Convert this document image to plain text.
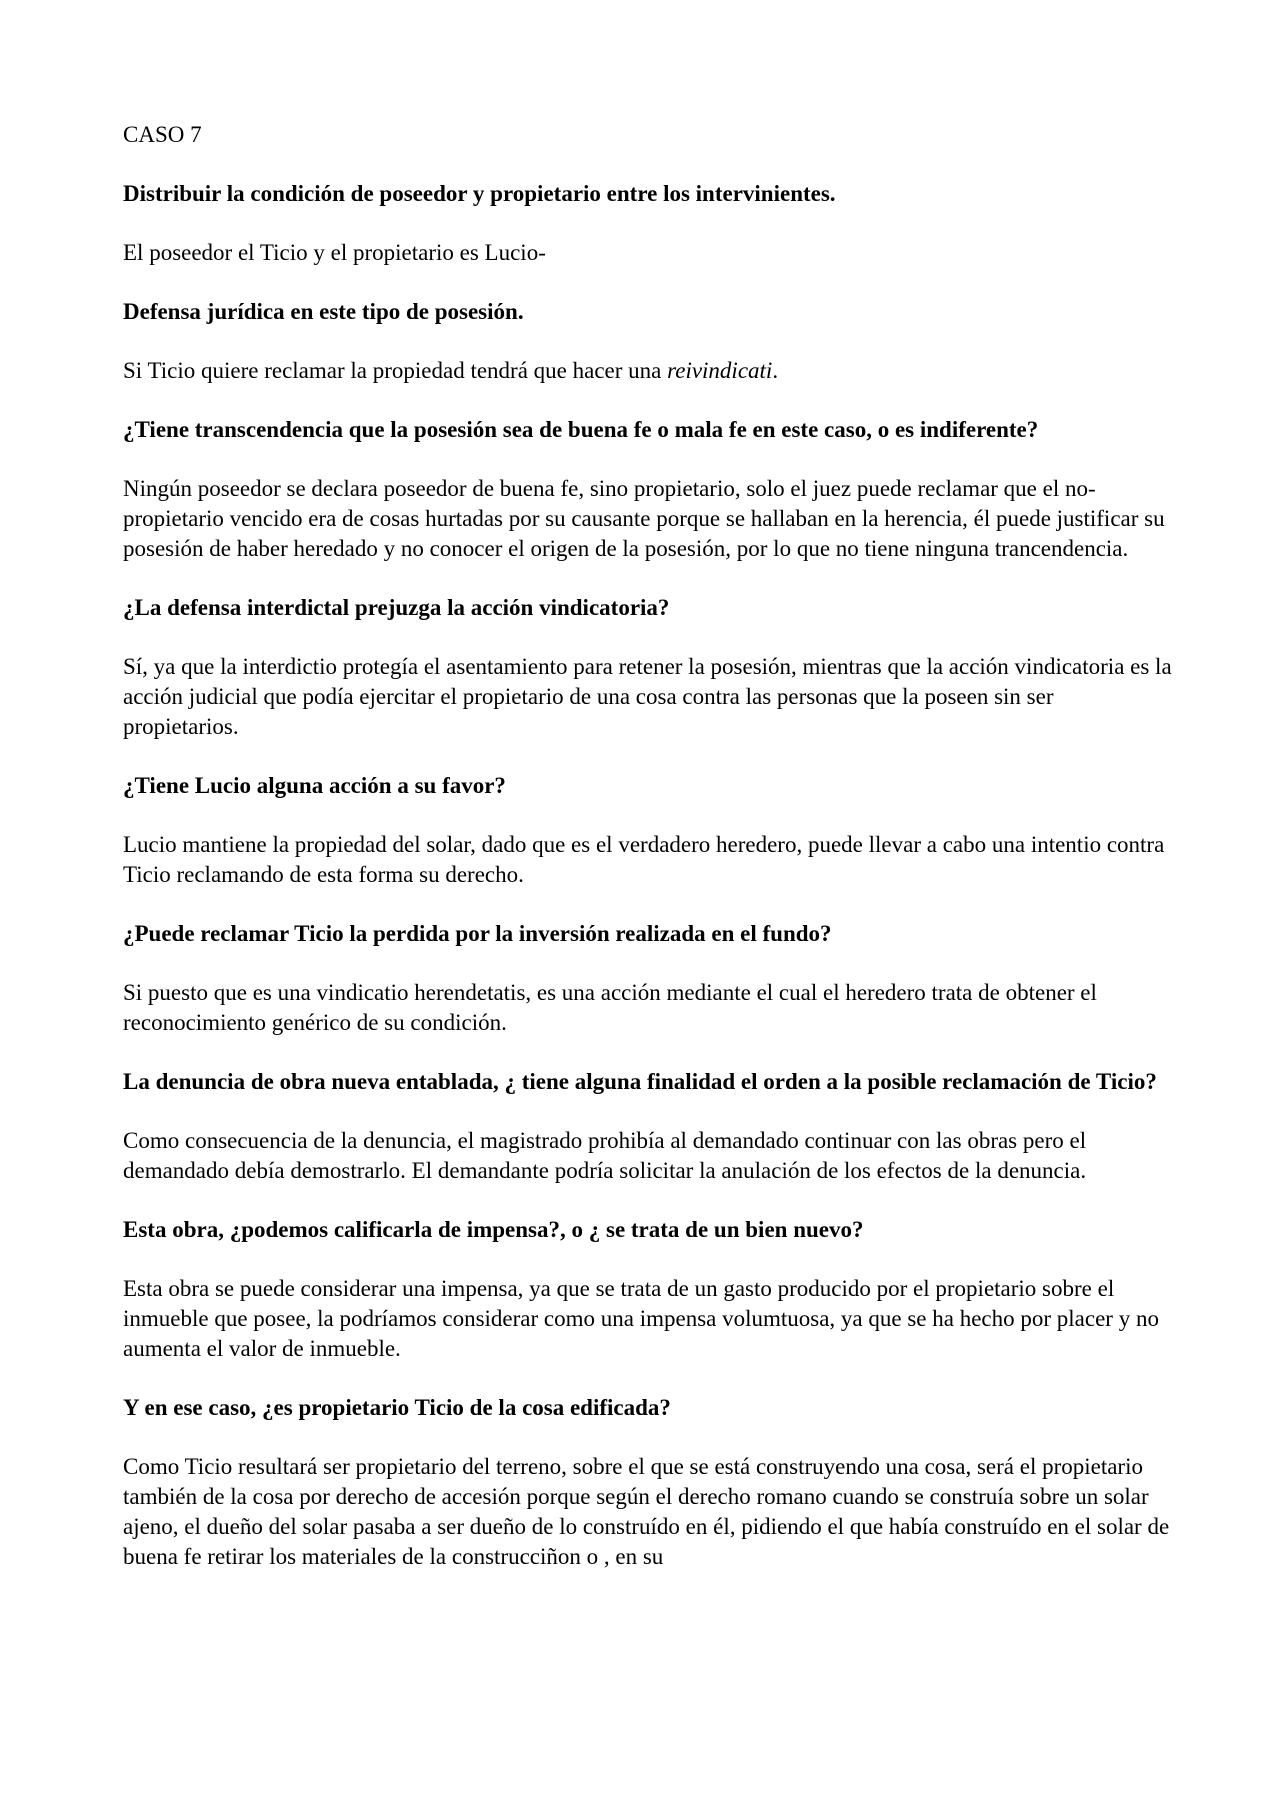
CASO 7

Distribuir la condición de poseedor y propietario entre los intervinientes.

El poseedor el Ticio y el propietario es Lucio-

Defensa jurídica en este tipo de posesión.

Si Ticio quiere reclamar la propiedad tendrá que hacer una reivindicati.

¿Tiene transcendencia que la posesión sea de buena fe o mala fe en este caso, o es indiferente?

Ningún poseedor se declara poseedor de buena fe, sino propietario, solo el juez puede reclamar que el no-propietario vencido era de cosas hurtadas por su causante porque se hallaban en la herencia, él puede justificar su posesión de haber heredado y no conocer el origen de la posesión, por lo que no tiene ninguna trancendencia.

¿La defensa interdictal prejuzga la acción vindicatoria?

Sí, ya que la interdictio protegía el asentamiento para retener la posesión, mientras que la acción vindicatoria es la acción judicial que podía ejercitar el propietario de una cosa contra las personas que la poseen sin ser propietarios.

¿Tiene Lucio alguna acción a su favor?

Lucio mantiene la propiedad del solar, dado que es el verdadero heredero, puede llevar a cabo una intentio contra Ticio reclamando de esta forma su derecho.

¿Puede reclamar Ticio la perdida por la inversión realizada en el fundo?

Si puesto que es una vindicatio herendetatis, es una acción mediante el cual el heredero trata de obtener el reconocimiento genérico de su condición.

La denuncia de obra nueva entablada, ¿ tiene alguna finalidad el orden a la posible reclamación de Ticio?

Como consecuencia de la denuncia, el magistrado prohibía al demandado continuar con las obras pero el demandado debía demostrarlo. El demandante podría solicitar la anulación de los efectos de la denuncia.

Esta obra, ¿podemos calificarla de impensa?, o ¿ se trata de un bien nuevo?

Esta obra se puede considerar una impensa, ya que se trata de un gasto producido por el propietario sobre el inmueble que posee, la podríamos considerar como una impensa volumtuosa, ya que se ha hecho por placer y no aumenta el valor de inmueble.

Y en ese caso, ¿es propietario Ticio de la cosa edificada?

Como Ticio resultará ser propietario del terreno, sobre el que se está construyendo una cosa, será el propietario también de la cosa por derecho de accesión porque según el derecho romano cuando se construía sobre un solar ajeno, el dueño del solar pasaba a ser dueño de lo construído en él, pidiendo el que había construído en el solar de buena fe retirar los materiales de la construcciñon o , en su
